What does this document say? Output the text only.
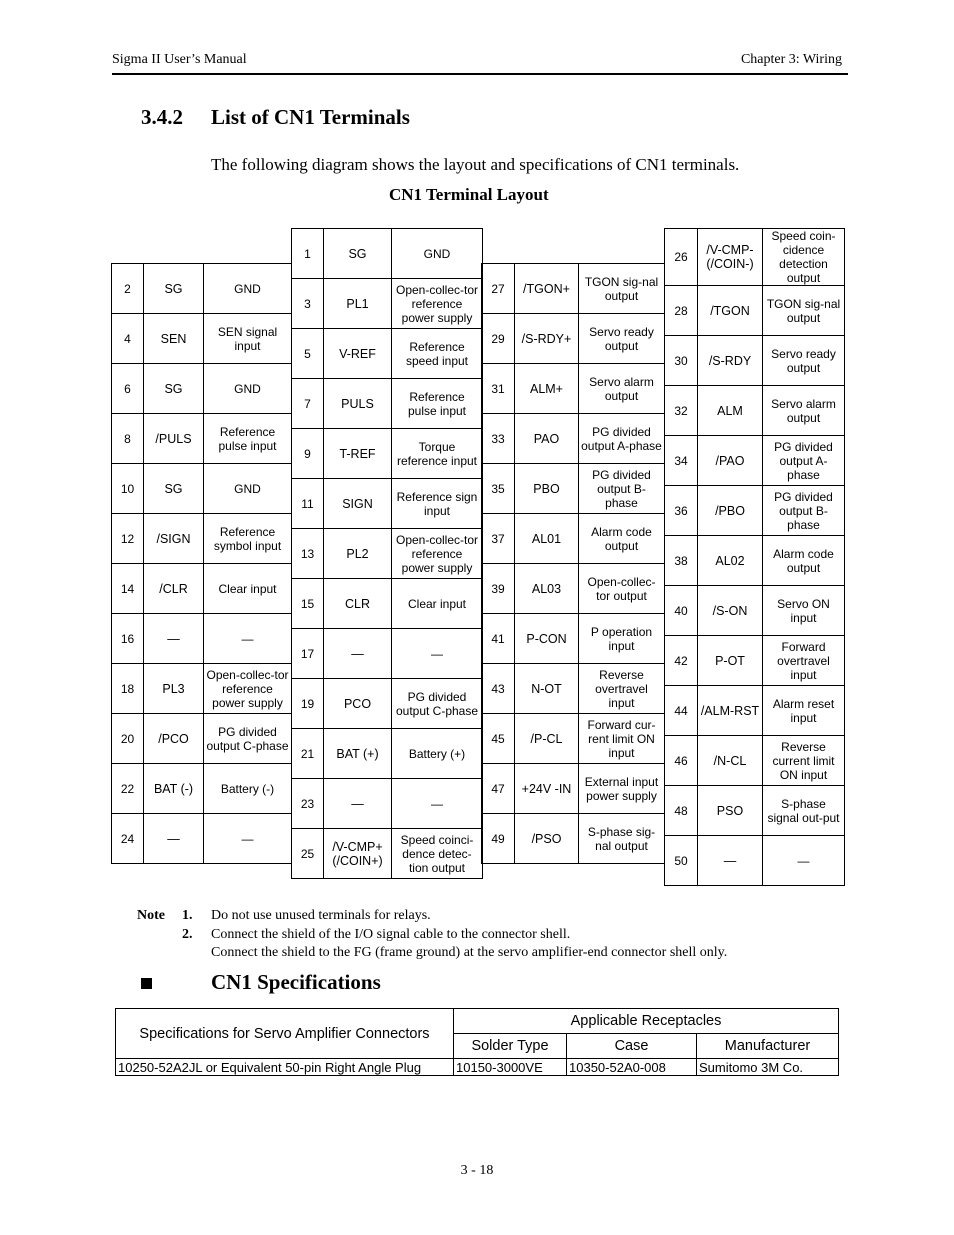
Sigma II User’s Manual	Chapter 3: Wiring
3.4.2 List of CN1 Terminals
The following diagram shows the layout and specifications of CN1 terminals.
CN1 Terminal Layout
2	SG	GND
4	SEN	SEN signal input
6	SG	GND
8	/PULS	Reference pulse input
10	SG	GND
12	/SIGN	Reference symbol input
14	/CLR	Clear input
16	—	—
18	PL3	Open-collec-tor reference power supply
20	/PCO	PG divided output C-phase
22	BAT (-)	Battery (-)
24	—	—
1	SG	GND
3	PL1	Open-collec-tor reference power supply
5	V-REF	Reference speed input
7	PULS	Reference pulse input
9	T-REF	Torque reference input
11	SIGN	Reference sign input
13	PL2	Open-collec-tor reference power supply
15	CLR	Clear input
17	—	—
19	PCO	PG divided output C-phase
21	BAT (+)	Battery (+)
23	—	—
25	/V-CMP+ (/COIN+)	Speed coinci-dence detec-tion output
27	/TGON+	TGON sig-nal output
29	/S-RDY+	Servo ready output
31	ALM+	Servo alarm output
33	PAO	PG divided output A-phase
35	PBO	PG divided output B-phase
37	AL01	Alarm code output
39	AL03	Open-collec-tor output
41	P-CON	P operation input
43	N-OT	Reverse overtravel input
45	/P-CL	Forward cur-rent limit ON input
47	+24V -IN	External input power supply
49	/PSO	S-phase sig-nal output
26	/V-CMP- (/COIN-)	Speed coin-cidence detection output
28	/TGON	TGON sig-nal output
30	/S-RDY	Servo ready output
32	ALM	Servo alarm output
34	/PAO	PG divided output A-phase
36	/PBO	PG divided output B-phase
38	AL02	Alarm code output
40	/S-ON	Servo ON input
42	P-OT	Forward overtravel input
44	/ALM-RST	Alarm reset input
46	/N-CL	Reverse current limit ON input
48	PSO	S-phase signal out-put
50	—	—
Note 1. Do not use unused terminals for relays.
2. Connect the shield of the I/O signal cable to the connector shell.
Connect the shield to the FG (frame ground) at the servo amplifier-end connector shell only.
CN1 Specifications
Specifications for Servo Amplifier Connectors	Applicable Receptacles		
	Solder Type	Case	Manufacturer
10250-52A2JL or Equivalent 50-pin Right Angle Plug	10150-3000VE	10350-52A0-008	Sumitomo 3M Co.
3 - 18
